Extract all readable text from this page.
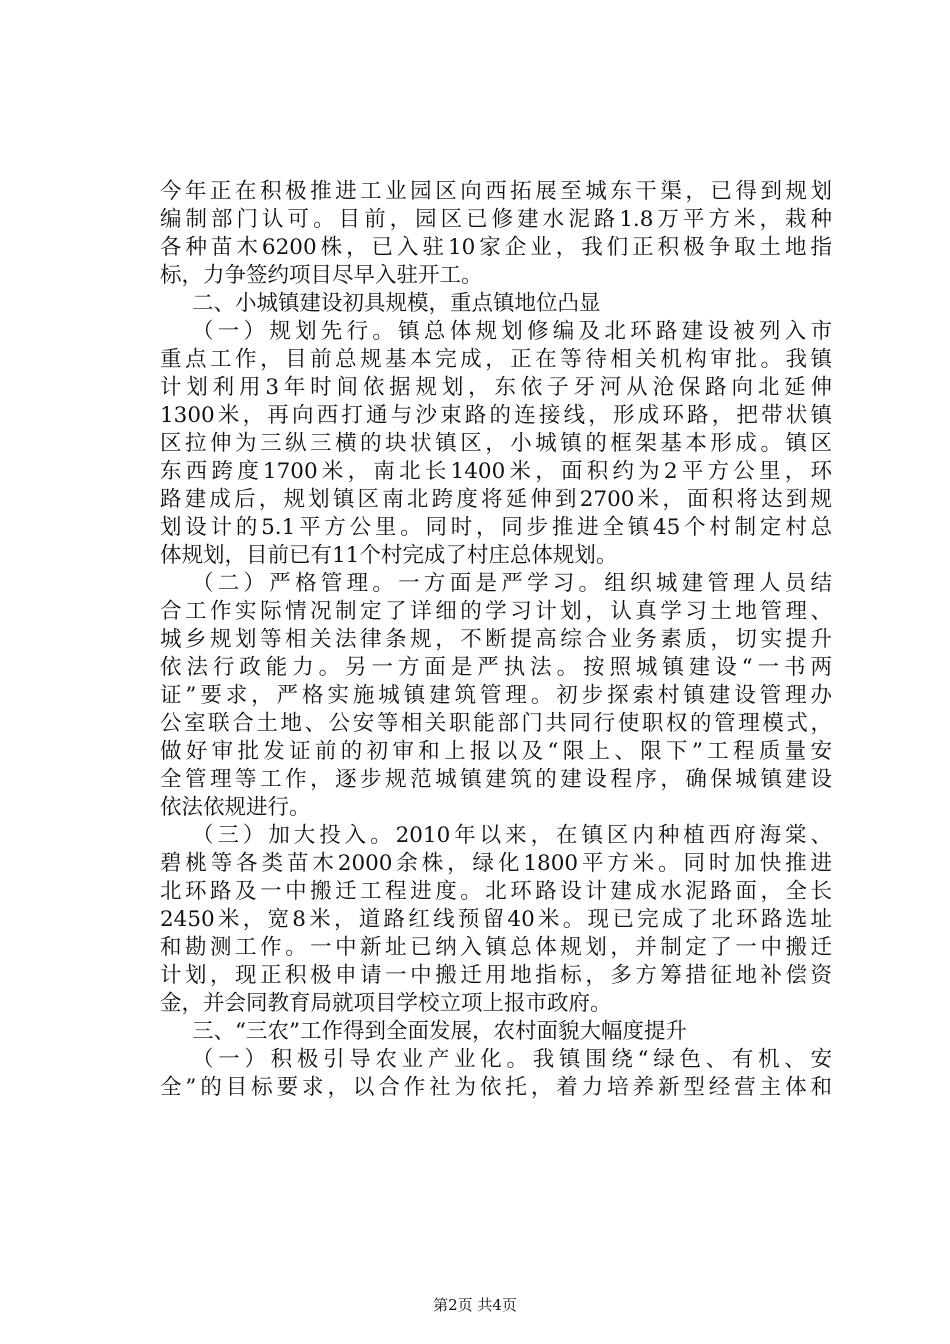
今年正在积极推进工业园区向西拓展至城东干渠，已得到规划
编制部门认可。目前，园区已修建水泥路1.8万平方米，栽种
各种苗木6200株，已入驻10家企业，我们正积极争取土地指
标，力争签约项目尽早入驻开工。
二、小城镇建设初具规模，重点镇地位凸显
（一）规划先行。镇总体规划修编及北环路建设被列入市
重点工作，目前总规基本完成，正在等待相关机构审批。我镇
计划利用3年时间依据规划，东依子牙河从沧保路向北延伸
1300米，再向西打通与沙束路的连接线，形成环路，把带状镇
区拉伸为三纵三横的块状镇区，小城镇的框架基本形成。镇区
东西跨度1700米，南北长1400米，面积约为2平方公里，环
路建成后，规划镇区南北跨度将延伸到2700米，面积将达到规
划设计的5.1平方公里。同时，同步推进全镇45个村制定村总
体规划，目前已有11个村完成了村庄总体规划。
（二）严格管理。一方面是严学习。组织城建管理人员结
合工作实际情况制定了详细的学习计划，认真学习土地管理、
城乡规划等相关法律条规，不断提高综合业务素质，切实提升
依法行政能力。另一方面是严执法。按照城镇建设“一书两
证”要求，严格实施城镇建筑管理。初步探索村镇建设管理办
公室联合土地、公安等相关职能部门共同行使职权的管理模式，
做好审批发证前的初审和上报以及“限上、限下”工程质量安
全管理等工作，逐步规范城镇建筑的建设程序，确保城镇建设
依法依规进行。
（三）加大投入。2010年以来，在镇区内种植西府海棠、
碧桃等各类苗木2000余株，绿化1800平方米。同时加快推进
北环路及一中搬迁工程进度。北环路设计建成水泥路面，全长
2450米，宽8米，道路红线预留40米。现已完成了北环路选址
和勘测工作。一中新址已纳入镇总体规划，并制定了一中搬迁
计划，现正积极申请一中搬迁用地指标，多方筹措征地补偿资
金，并会同教育局就项目学校立项上报市政府。
三、“三农”工作得到全面发展，农村面貌大幅度提升
（一）积极引导农业产业化。我镇围绕“绿色、有机、安
全”的目标要求，以合作社为依托，着力培养新型经营主体和
第2页 共4页
